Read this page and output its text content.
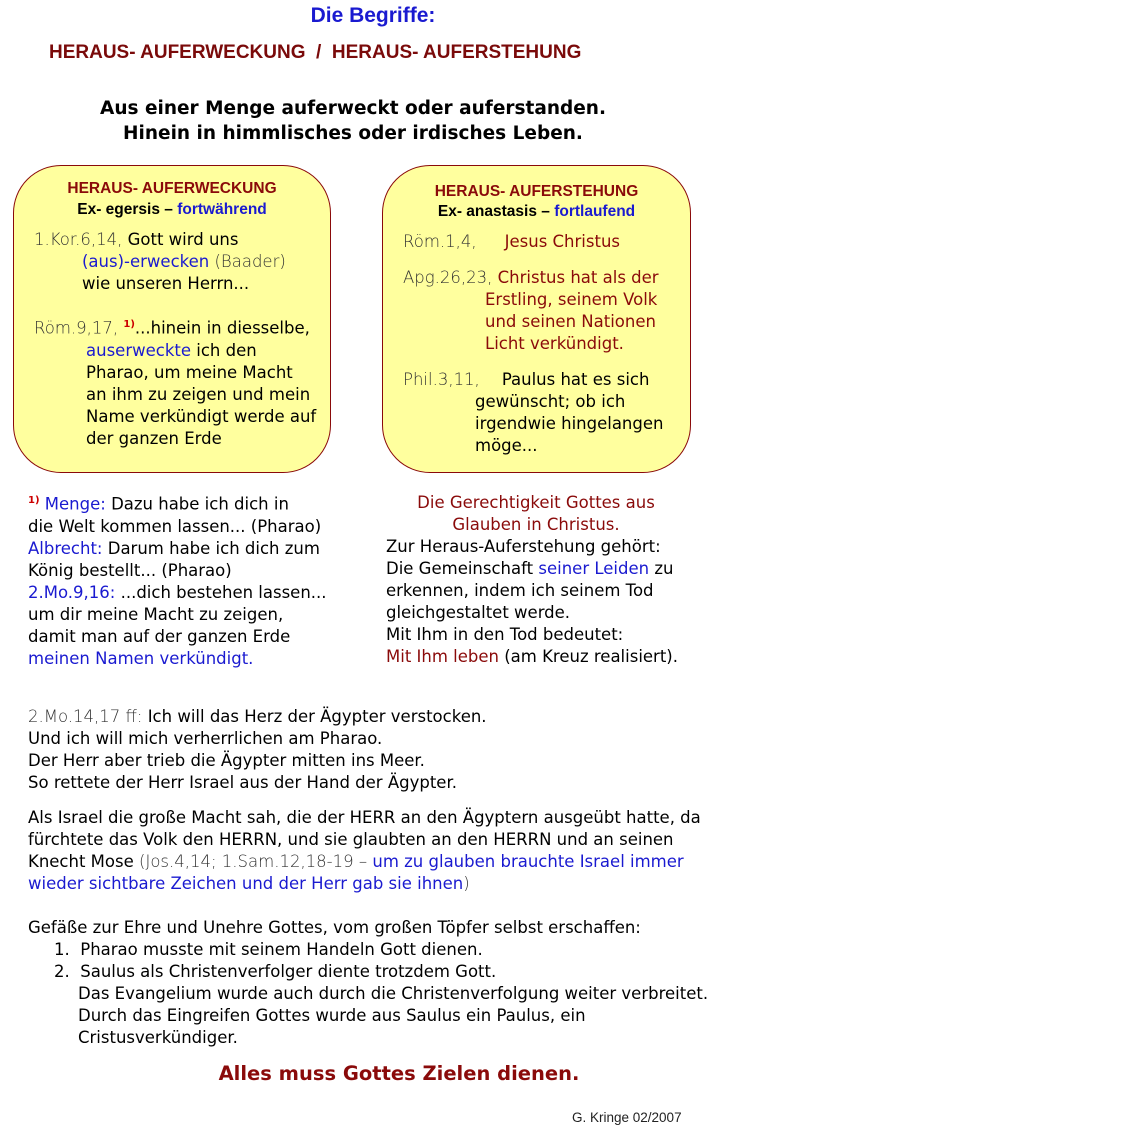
Die Begriffe:
HERAUS- AUFERWECKUNG  /  HERAUS- AUFERSTEHUNG
Aus einer Menge auferweckt oder auferstanden.
Hinein in himmlisches oder irdisches Leben.
HERAUS- AUFERWECKUNG
Ex- egersis – fortwährend
1.Kor.6,14, Gott wird uns
(aus)-erwecken (Baader)
wie unseren Herrn...
Röm.9,17, $^{1)}$...hinein in diesselbe,
auserweckte ich den
Pharao, um meine Macht
an ihm zu zeigen und mein
Name verkündigt werde auf
der ganzen Erde
HERAUS- AUFERSTEHUNG
Ex- anastasis – fortlaufend
Röm.1,4, Jesus Christus
Apg.26,23, Christus hat als der
Erstling, seinem Volk
und seinen Nationen
Licht verkündigt.
Phil.3,11, Paulus hat es sich
gewünscht; ob ich
irgendwie hingelangen
möge...
$^{1)}$ Menge: Dazu habe ich dich in
die Welt kommen lassen... (Pharao)
Albrecht: Darum habe ich dich zum
König bestellt... (Pharao)
2.Mo.9,16: ...dich bestehen lassen...
um dir meine Macht zu zeigen,
damit man auf der ganzen Erde
meinen Namen verkündigt.
Die Gerechtigkeit Gottes aus
Glauben in Christus.
Zur Heraus-Auferstehung gehört:
Die Gemeinschaft seiner Leiden zu
erkennen, indem ich seinem Tod
gleichgestaltet werde.
Mit Ihm in den Tod bedeutet:
Mit Ihm leben (am Kreuz realisiert).
2.Mo.14,17 ff: Ich will das Herz der Ägypter verstocken.
Und ich will mich verherrlichen am Pharao.
Der Herr aber trieb die Ägypter mitten ins Meer.
So rettete der Herr Israel aus der Hand der Ägypter.
Als Israel die große Macht sah, die der HERR an den Ägyptern ausgeübt hatte, da
fürchtete das Volk den HERRN, und sie glaubten an den HERRN und an seinen
Knecht Mose (Jos.4,14; 1.Sam.12,18-19 – um zu glauben brauchte Israel immer
wieder sichtbare Zeichen und der Herr gab sie ihnen)
Gefäße zur Ehre und Unehre Gottes, vom großen Töpfer selbst erschaffen:
1. Pharao musste mit seinem Handeln Gott dienen.
2. Saulus als Christenverfolger diente trotzdem Gott.
Das Evangelium wurde auch durch die Christenverfolgung weiter verbreitet.
Durch das Eingreifen Gottes wurde aus Saulus ein Paulus, ein
Cristusverkündiger.
Alles muss Gottes Zielen dienen.
G. Kringe 02/2007
